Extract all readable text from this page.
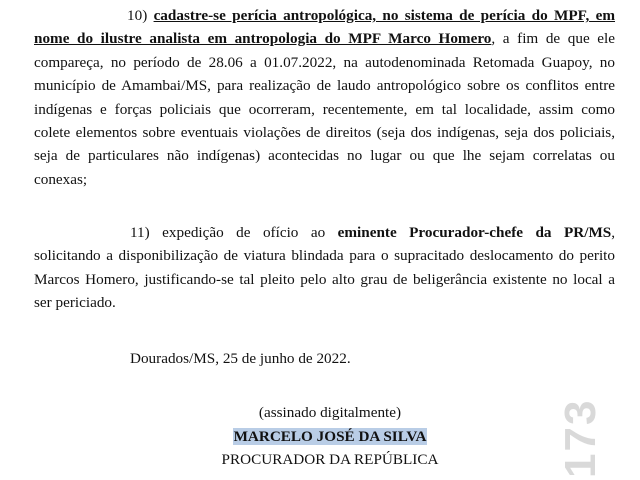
10) cadastre-se perícia antropológica, no sistema de perícia do MPF, em
nome do ilustre analista em antropologia do MPF Marco Homero, a fim de que ele
compareça, no período de 28.06 a 01.07.2022, na autodenominada Retomada Guapoy, no
município de Amambai/MS, para realização de laudo antropológico sobre os conflitos entre
indígenas e forças policiais que ocorreram, recentemente, em tal localidade, assim como
colete elementos sobre eventuais violações de direitos (seja dos indígenas, seja dos policiais,
seja de particulares não indígenas) acontecidas no lugar ou que lhe sejam correlatas ou
conexas;
11) expedição de ofício ao eminente Procurador-chefe da PR/MS,
solicitando a disponibilização de viatura blindada para o supracitado deslocamento do perito
Marcos Homero, justificando-se tal pleito pelo alto grau de beligerância existente no local a
ser periciado.
Dourados/MS, 25 de junho de 2022.
(assinado digitalmente)
MARCELO JOSÉ DA SILVA
PROCURADOR DA REPÚBLICA	173
